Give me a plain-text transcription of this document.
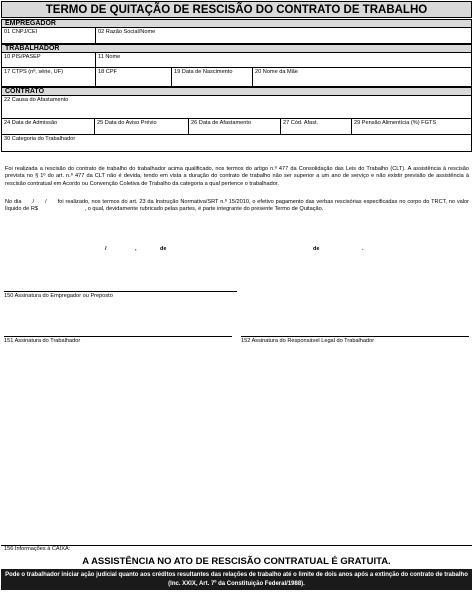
TERMO DE QUITAÇÃO DE RESCISÃO DO CONTRATO DE TRABALHO
EMPREGADOR
01 CNPJ/CEI	02 Razão Social/Nome
TRABALHADOR
10 PIS/PASEP	11 Nome
17 CTPS (nº, série, UF)	18 CPF	19 Data de Nascimento	20 Nome da Mãe
CONTRATO
22 Causa do Afastamento
24 Data de Admissão	25 Data do Aviso Prévio	26 Data de Afastamento	27 Cód. Afast.	29 Pensão Alimentícia (%) FGTS
30 Categoria do Trabalhador
Foi realizada a rescisão do contrato de trabalho do trabalhador acima qualificado, nos termos do artigo n.º 477 da Consolidação das Leis do Trabalho (CLT). A assistência à rescisão prevista no § 1º do art. n.º 477 da CLT não é devida, tendo em vista a duração do contrato de trabalho não ser superior a um ano de serviço e não existir previsão de assistência à rescisão contratual em Acordo ou Convenção Coletiva de Trabalho da categoria a qual pertence o trabalhador.
No dia      /      /      foi realizado, nos termos do art. 23 da Instrução Normativa/SRT n.º 15/2010, o efetivo pagamento das verbas rescisórias especificadas no corpo do TRCT, no valor líquido de R$                              , o qual, devidamente rubricado pelas partes, é parte integrante do presente Termo de Quitação.
/	,	de	de	.
150 Assinatura do Empregador ou Preposto
151 Assinatura do Trabalhador	152 Assinatura do Responsável Legal do Trabalhador
156 Informações à CAIXA:
A ASSISTÊNCIA NO ATO DE RESCISÃO CONTRATUAL É GRATUITA.
Pode o trabalhador iniciar ação judicial quanto aos créditos resultantes das relações de trabalho até o limite de dois anos após a extinção do contrato de trabalho (Inc. XXIX, Art. 7º da Constituição Federal/1988).
